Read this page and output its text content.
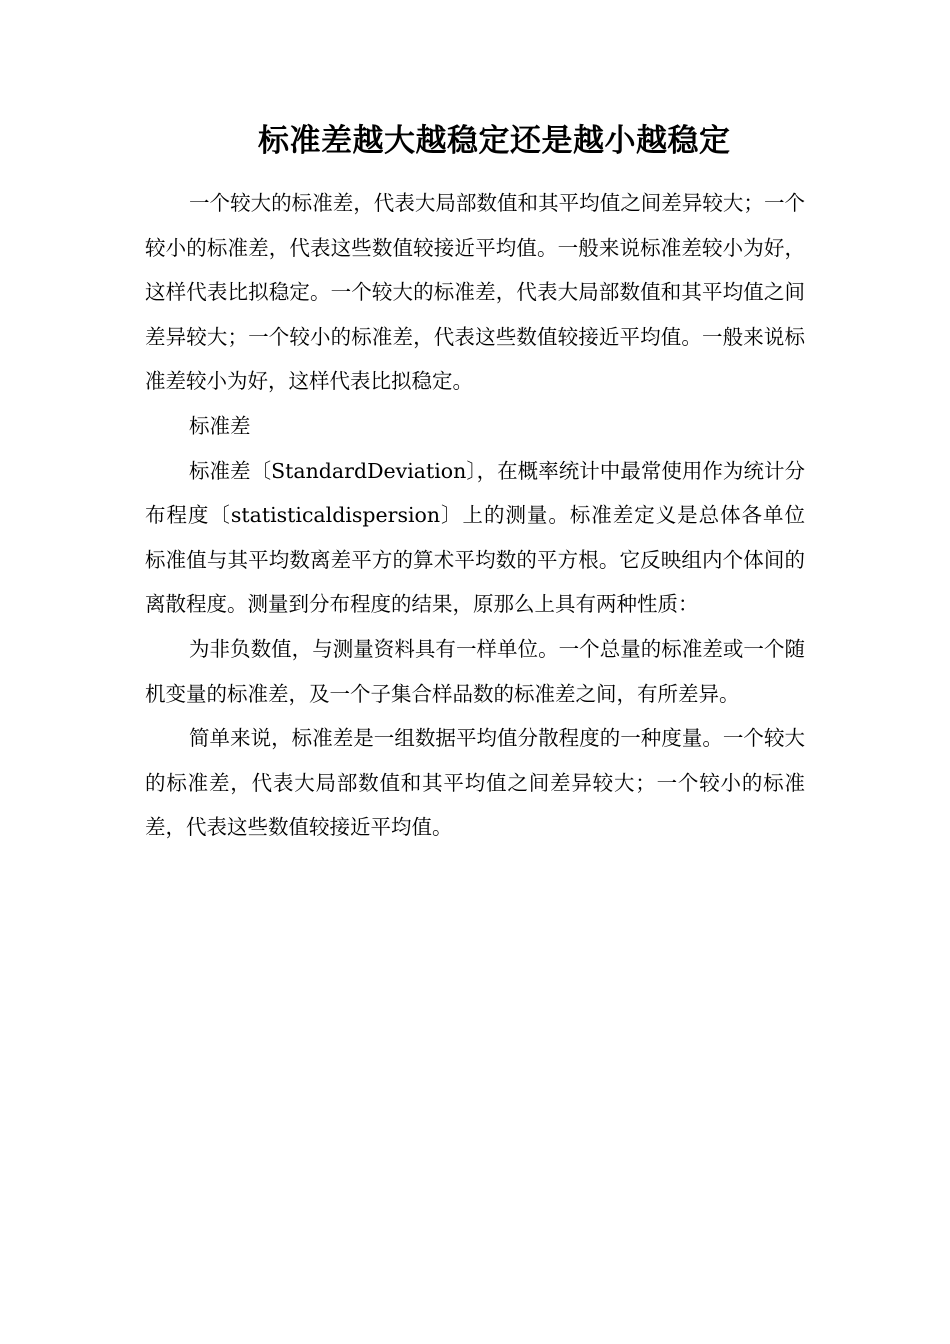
标准差越大越稳定还是越小越稳定

一个较大的标准差，代表大局部数值和其平均值之间差异较大；一个较小的标准差，代表这些数值较接近平均值。一般来说标准差较小为好，这样代表比拟稳定。一个较大的标准差，代表大局部数值和其平均值之间差异较大；一个较小的标准差，代表这些数值较接近平均值。一般来说标准差较小为好，这样代表比拟稳定。

标准差

标准差〔StandardDeviation〕，在概率统计中最常使用作为统计分布程度〔statisticaldispersion〕上的测量。标准差定义是总体各单位标准值与其平均数离差平方的算术平均数的平方根。它反映组内个体间的离散程度。测量到分布程度的结果，原那么上具有两种性质：

为非负数值，与测量资料具有一样单位。一个总量的标准差或一个随机变量的标准差，及一个子集合样品数的标准差之间，有所差异。

简单来说，标准差是一组数据平均值分散程度的一种度量。一个较大的标准差，代表大局部数值和其平均值之间差异较大；一个较小的标准差，代表这些数值较接近平均值。
